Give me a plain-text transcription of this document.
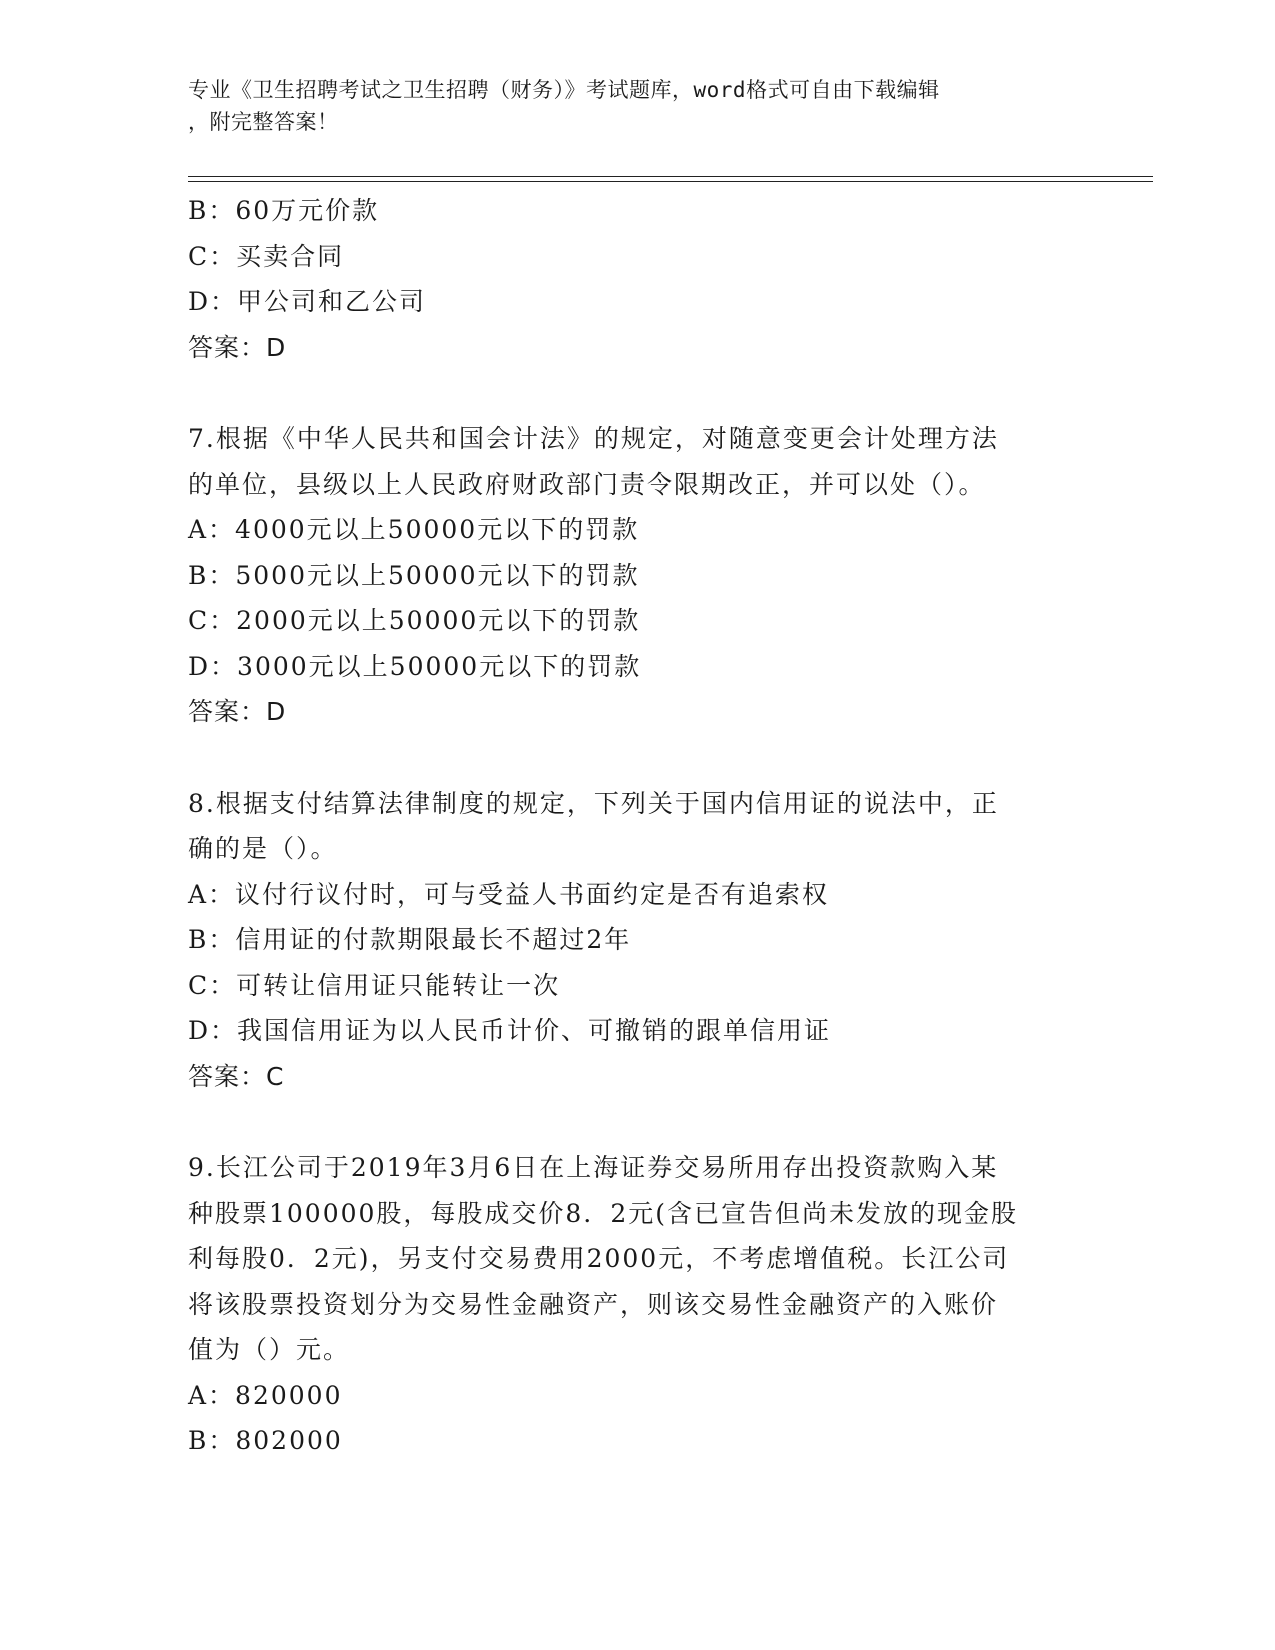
专业《卫生招聘考试之卫生招聘（财务）》考试题库，word格式可自由下载编辑
，附完整答案！
B：60万元价款
C：买卖合同
D：甲公司和乙公司
答案：D
7.根据《中华人民共和国会计法》的规定，对随意变更会计处理方法
的单位，县级以上人民政府财政部门责令限期改正，并可以处（）。
A：4000元以上50000元以下的罚款
B：5000元以上50000元以下的罚款
C：2000元以上50000元以下的罚款
D：3000元以上50000元以下的罚款
答案：D
8.根据支付结算法律制度的规定，下列关于国内信用证的说法中，正
确的是（）。
A：议付行议付时，可与受益人书面约定是否有追索权
B：信用证的付款期限最长不超过2年
C：可转让信用证只能转让一次
D：我国信用证为以人民币计价、可撤销的跟单信用证
答案：C
9.长江公司于2019年3月6日在上海证券交易所用存出投资款购入某
种股票100000股，每股成交价8．2元(含已宣告但尚未发放的现金股
利每股0．2元)，另支付交易费用2000元，不考虑增值税。长江公司
将该股票投资划分为交易性金融资产，则该交易性金融资产的入账价
值为（）元。
A：820000
B：802000
